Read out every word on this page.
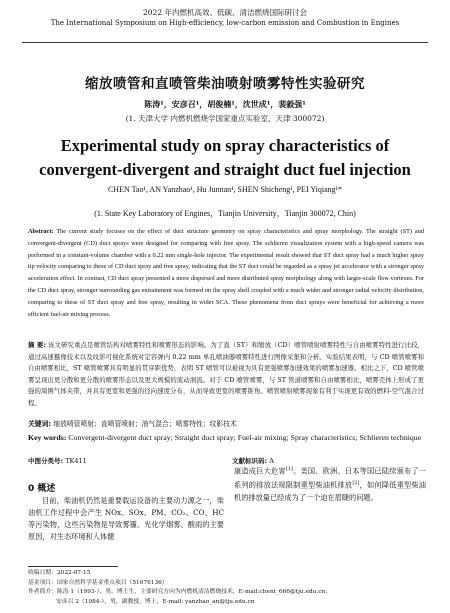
2022 年内燃机高效、低碳、清洁燃烧国际研讨会
The International Symposium on High-efficiency, low-carbon emission and Combustion in Engines
缩放喷管和直喷管柴油喷射喷雾特性实验研究
陈涛¹，安彦召¹，胡俊楠¹，沈世成¹，裴毅强¹
(1. 天津大学 内燃机燃烧学国家重点实验室，天津 300072)
Experimental study on spray characteristics of
convergent-divergent and straight duct fuel injection
CHEN Tao¹, AN Yanzhao¹, Hu Junnan¹, SHEN Shicheng¹, PEI Yiqiang¹*
(1. State Key Laboratory of Engines，Tianjin University，Tianjin 300072, Chin)
Abstract: The current study focuses on the effect of duct structure geometry on spray characteristics and spray morphology. The straight (ST) and convergent-divergent (CD) duct sprays were designed for comparing with free spray. The schlieren visualization system with a high-speed camera was performed in a constant-volume chamber with a 0.22 mm single-hole injector. The experimental result showed that ST duct spray had a much higher spray tip velocity comparing to these of CD duct spray and free spray, indicating that the ST duct could be regarded as a spray jet accelerator with a stronger spray acceleration effect. In contrast, CD duct spray presented a more dispersed and more distributed spray morphology along with larger-scale flow vortexes. For the CD duct spray, stronger surrounding gas entrainment was formed on the spray shell coupled with a much wider and stronger radial velocity distribution, comparing to these of ST duct spray and free spray, resulting in wider SCA. These phenomena from duct sprays were beneficial for achieving a more efficient fuel-air mixing process.
摘 要: 该文研究重点是喷管结构对喷雾特性和喷雾形态的影响。为了直（ST）和缩放（CD）喷管喷射喷雾特性与自由喷雾特性进行比较，通过高速摄像技术以及纹影可视化系统对定容弹内 0.22 mm 单孔喷油器喷雾特性进行图像采集和分析。实验结果表明，与 CD 喷管喷雾和自由喷雾相比，ST 喷管喷雾具有明显的贯穿距优势，表明 ST 喷管可以被视为具有更强喷雾加速效果的喷雾加速器。相比之下，CD 喷管喷雾呈现出更分散和更分散的喷雾形态以及更大规模的流动涡流。对于 CD 喷管喷雾，与 ST 管道喷雾和自由喷雾相比，喷雾壳体上形成了更强的周围气体夹带，并具有更宽和更强的径向速度分布，从而导致更宽的喷雾锥角。喷管喷射喷雾现象有利于实现更有效的燃料-空气混合过程。
关键词: 缩放喷管喷射；直喷管喷射；油气混合；喷雾特性；纹影技术
Key words: Convergent-divergent duct spray; Straight duct spray; Fuel-air mixing; Spray characteristics; Schlieren technique
中图分类号: TK411	文献标识码: A
0 概述
目前，柴油机仍然是重要载运设备的主要动力源之一，柴油机工作过程中会产生 NOx、SOx、PM、CO₂、CO、HC 等污染物，这些污染物是导致雾霾、光化学烟雾、酸雨的主要原因，对生态环境和人体健
康造成巨大危害[1]。美国、欧洲、日本等国已陆续颁布了一系列的排放法规限制重型柴油机排放[2]，如何降低重型柴油机的排放量已经成为了一个迫在眉睫的问题。
收稿日期：2022-07-15
基金项目：国家自然科学基金重点项目（51676136）
作者简介：陈涛 1（1993-），男，博士生，主要研究方向为内燃机清洁燃烧技术，E-mail:chent_666@tju.edu.cn；
安彦召 2（1984-），男，副教授，博士，E-mail: yanzhao_an@tju.edu.cn
